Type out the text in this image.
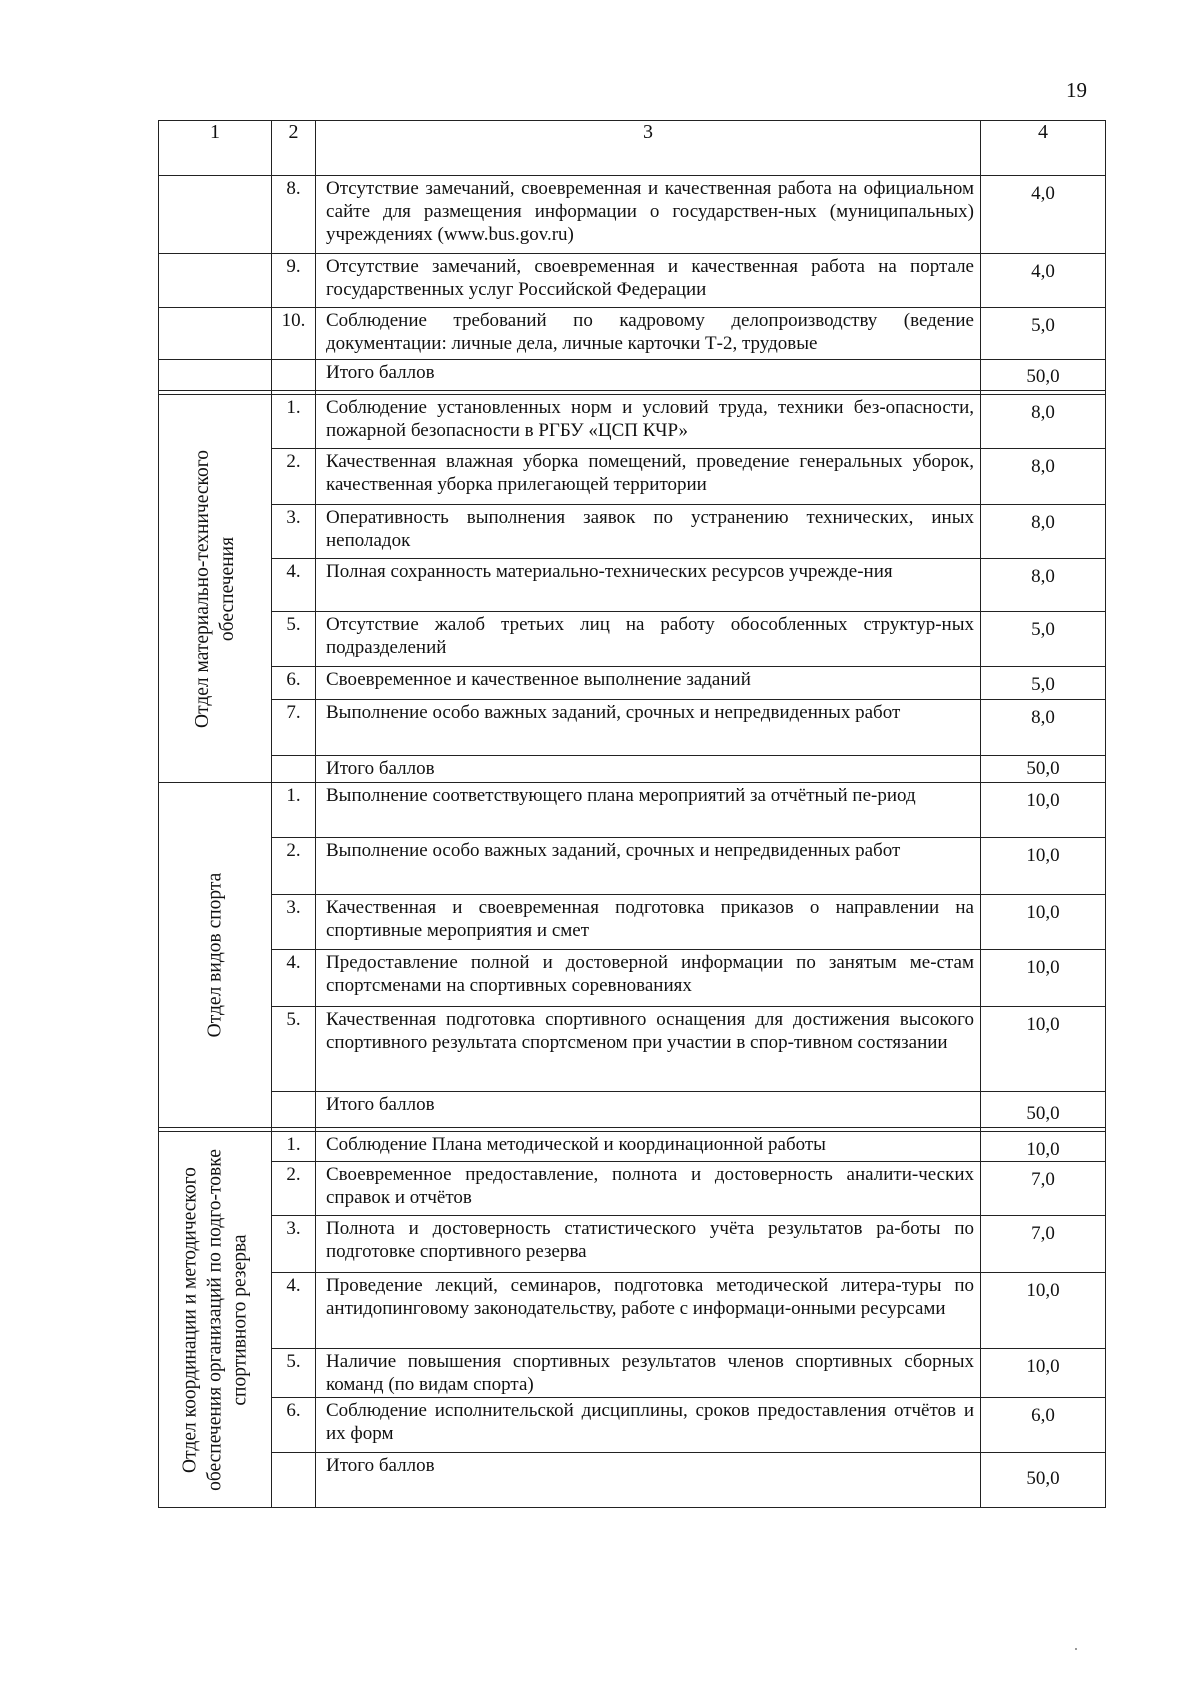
19
1	2	3	4
	8.	Отсутствие замечаний, своевременная и качественная работа на официальном сайте для размещения информации о государствен-ных (муниципальных) учреждениях (www.bus.gov.ru)	4,0
	9.	Отсутствие замечаний, своевременная и качественная работа на портале государственных услуг Российской Федерации	4,0
	10.	Соблюдение требований по кадровому делопроизводству (ведение документации: личные дела, личные карточки Т-2, трудовые	5,0
		Итого баллов	50,0

Отдел материально-технического обеспечения	1.	Соблюдение установленных норм и условий труда, техники без-опасности, пожарной безопасности в РГБУ «ЦСП КЧР»	8,0
	2.	Качественная влажная уборка помещений, проведение генеральных уборок, качественная уборка прилегающей территории	8,0
	3.	Оперативность выполнения заявок по устранению технических, иных неполадок	8,0
	4.	Полная сохранность материально-технических ресурсов учрежде-ния	8,0
	5.	Отсутствие жалоб третьих лиц на работу обособленных структур-ных подразделений	5,0
	6.	Своевременное и качественное выполнение заданий	5,0
	7.	Выполнение особо важных заданий, срочных и непредвиденных работ	8,0
		Итого баллов	50,0

Отдел видов спорта	1.	Выполнение соответствующего плана мероприятий за отчётный пе-риод	10,0
	2.	Выполнение особо важных заданий, срочных и непредвиденных работ	10,0
	3.	Качественная и своевременная подготовка приказов о направлении на спортивные мероприятия и смет	10,0
	4.	Предоставление полной и достоверной информации по занятым ме-стам спортсменами на спортивных соревнованиях	10,0
	5.	Качественная подготовка спортивного оснащения для достижения высокого спортивного результата спортсменом при участии в спор-тивном состязании	10,0
		Итого баллов	50,0

Отдел координации и методического обеспечения организаций по подго-товке спортивного резерва	1.	Соблюдение Плана методической и координационной работы	10,0
	2.	Своевременное предоставление, полнота и достоверность аналити-ческих справок и отчётов	7,0
	3.	Полнота и достоверность статистического учёта результатов ра-боты по подготовке спортивного резерва	7,0
	4.	Проведение лекций, семинаров, подготовка методической литера-туры по антидопинговому законодательству, работе с информаци-онными ресурсами	10,0
	5.	Наличие повышения спортивных результатов членов спортивных сборных команд (по видам спорта)	10,0
	6.	Соблюдение исполнительской дисциплины, сроков предоставления отчётов и их форм	6,0
		Итого баллов	50,0
